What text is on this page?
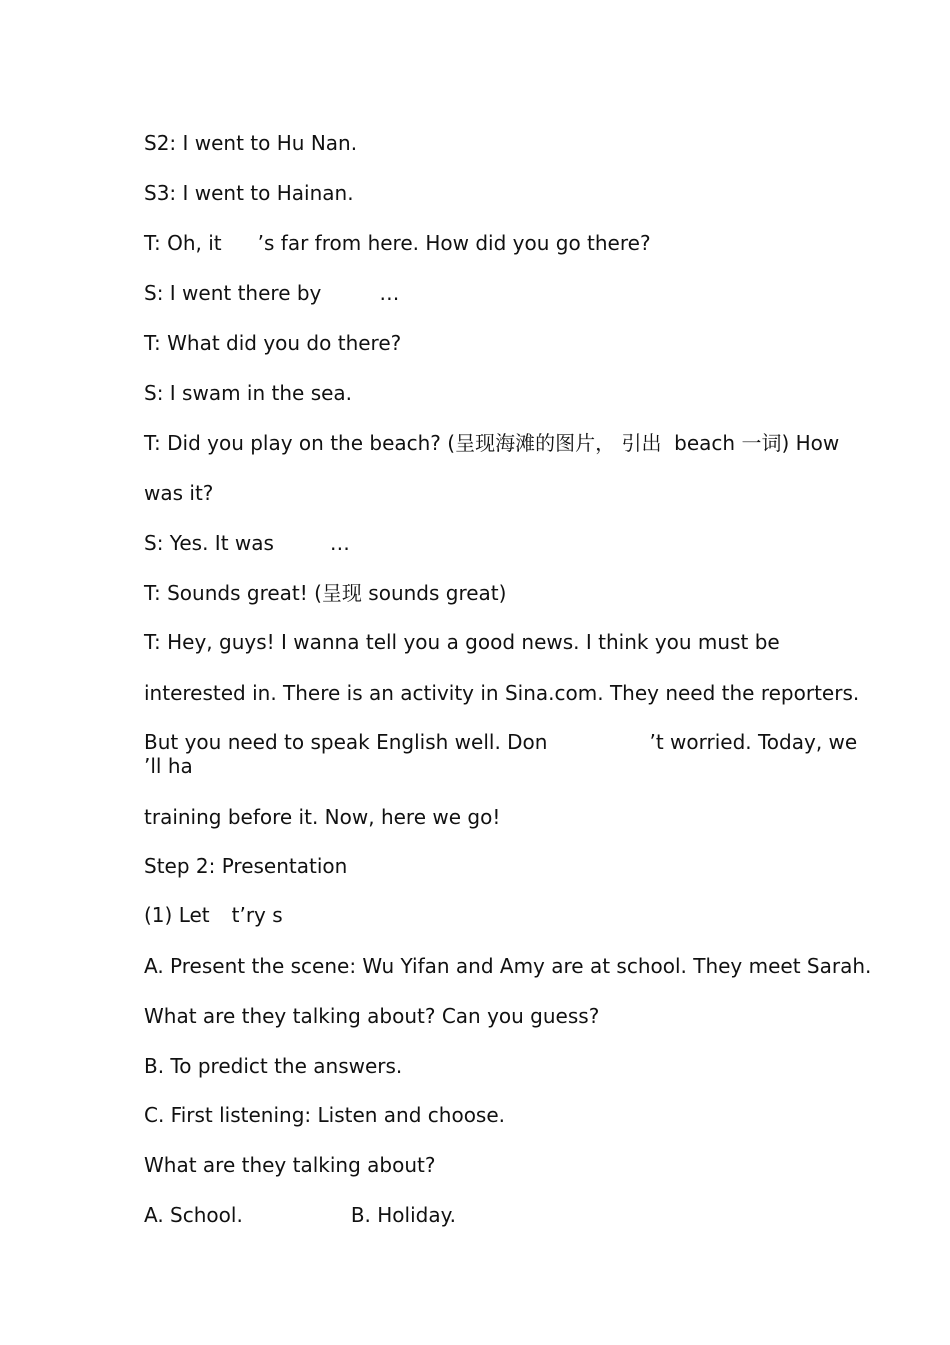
S2: I went to Hu Nan.

S3: I went to Hainan.

T: Oh, it ’s far from here. How did you go there?

S: I went there by	…

T: What did you do there?

S: I swam in the sea.

T: Did you play on the beach? (呈现海滩的图片， 引出  beach 一词) How

was it?

S: Yes. It was	…

T: Sounds great! (呈现 sounds great)

T: Hey, guys! I wanna tell you a good news. I think you must be

interested in. There is an activity in Sina.com. They need the reporters.

But you need to speak English well. Don	’t worried. Today, we

’ll ha

training before it. Now, here we go!

Step 2: Presentation

(1) Let t’ry s

A. Present the scene: Wu Yifan and Amy are at school. They meet Sarah.

What are they talking about? Can you guess?

B. To predict the answers.

C. First listening: Listen and choose.

What are they talking about?

A. School.	B. Holiday.
